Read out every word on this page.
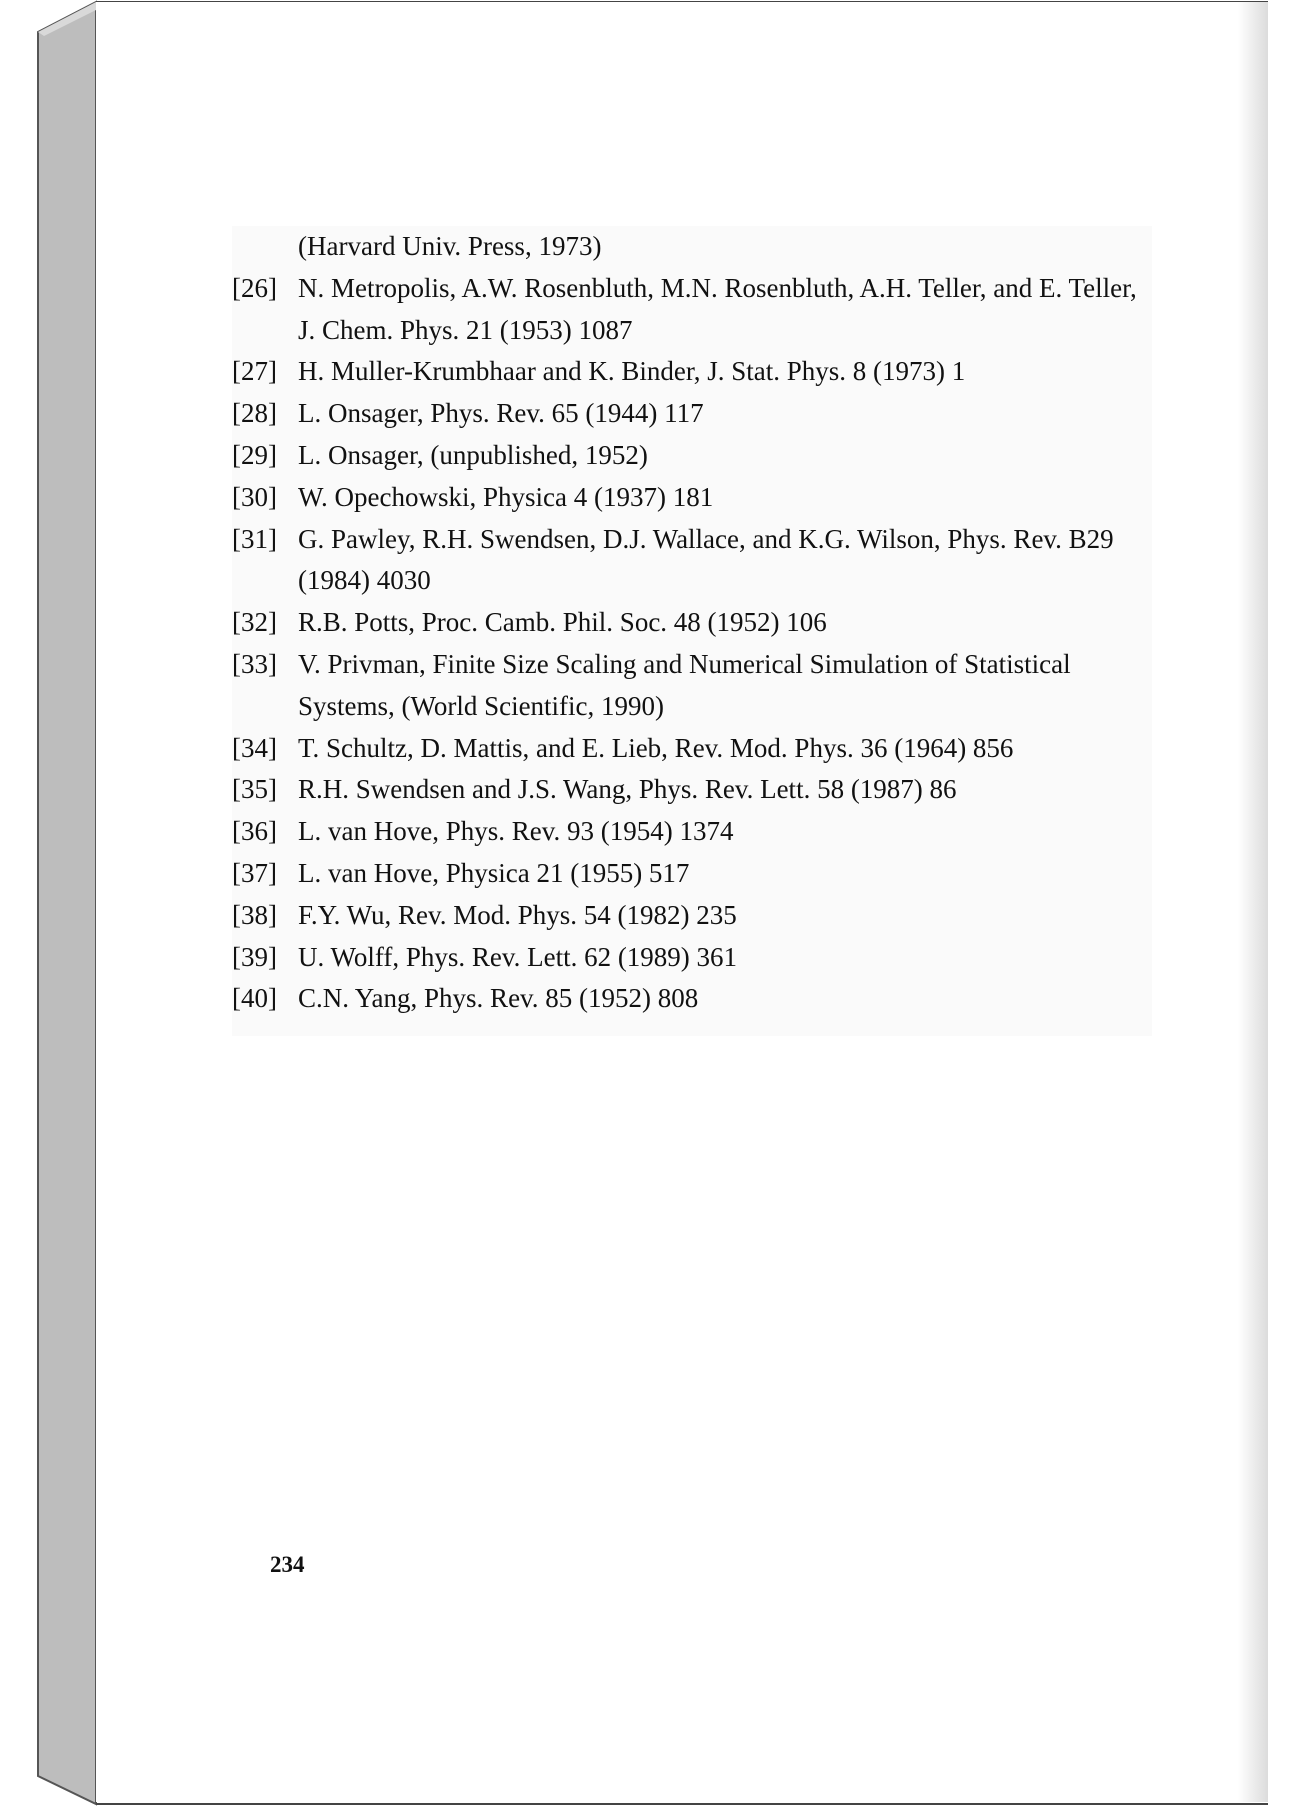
(Harvard Univ. Press, 1973)
[26] N. Metropolis, A.W. Rosenbluth, M.N. Rosenbluth, A.H. Teller, and E. Teller, J. Chem. Phys. 21 (1953) 1087
[27] H. Muller-Krumbhaar and K. Binder, J. Stat. Phys. 8 (1973) 1
[28] L. Onsager, Phys. Rev. 65 (1944) 117
[29] L. Onsager, (unpublished, 1952)
[30] W. Opechowski, Physica 4 (1937) 181
[31] G. Pawley, R.H. Swendsen, D.J. Wallace, and K.G. Wilson, Phys. Rev. B29 (1984) 4030
[32] R.B. Potts, Proc. Camb. Phil. Soc. 48 (1952) 106
[33] V. Privman, Finite Size Scaling and Numerical Simulation of Statistical Systems, (World Scientific, 1990)
[34] T. Schultz, D. Mattis, and E. Lieb, Rev. Mod. Phys. 36 (1964) 856
[35] R.H. Swendsen and J.S. Wang, Phys. Rev. Lett. 58 (1987) 86
[36] L. van Hove, Phys. Rev. 93 (1954) 1374
[37] L. van Hove, Physica 21 (1955) 517
[38] F.Y. Wu, Rev. Mod. Phys. 54 (1982) 235
[39] U. Wolff, Phys. Rev. Lett. 62 (1989) 361
[40] C.N. Yang, Phys. Rev. 85 (1952) 808
234
